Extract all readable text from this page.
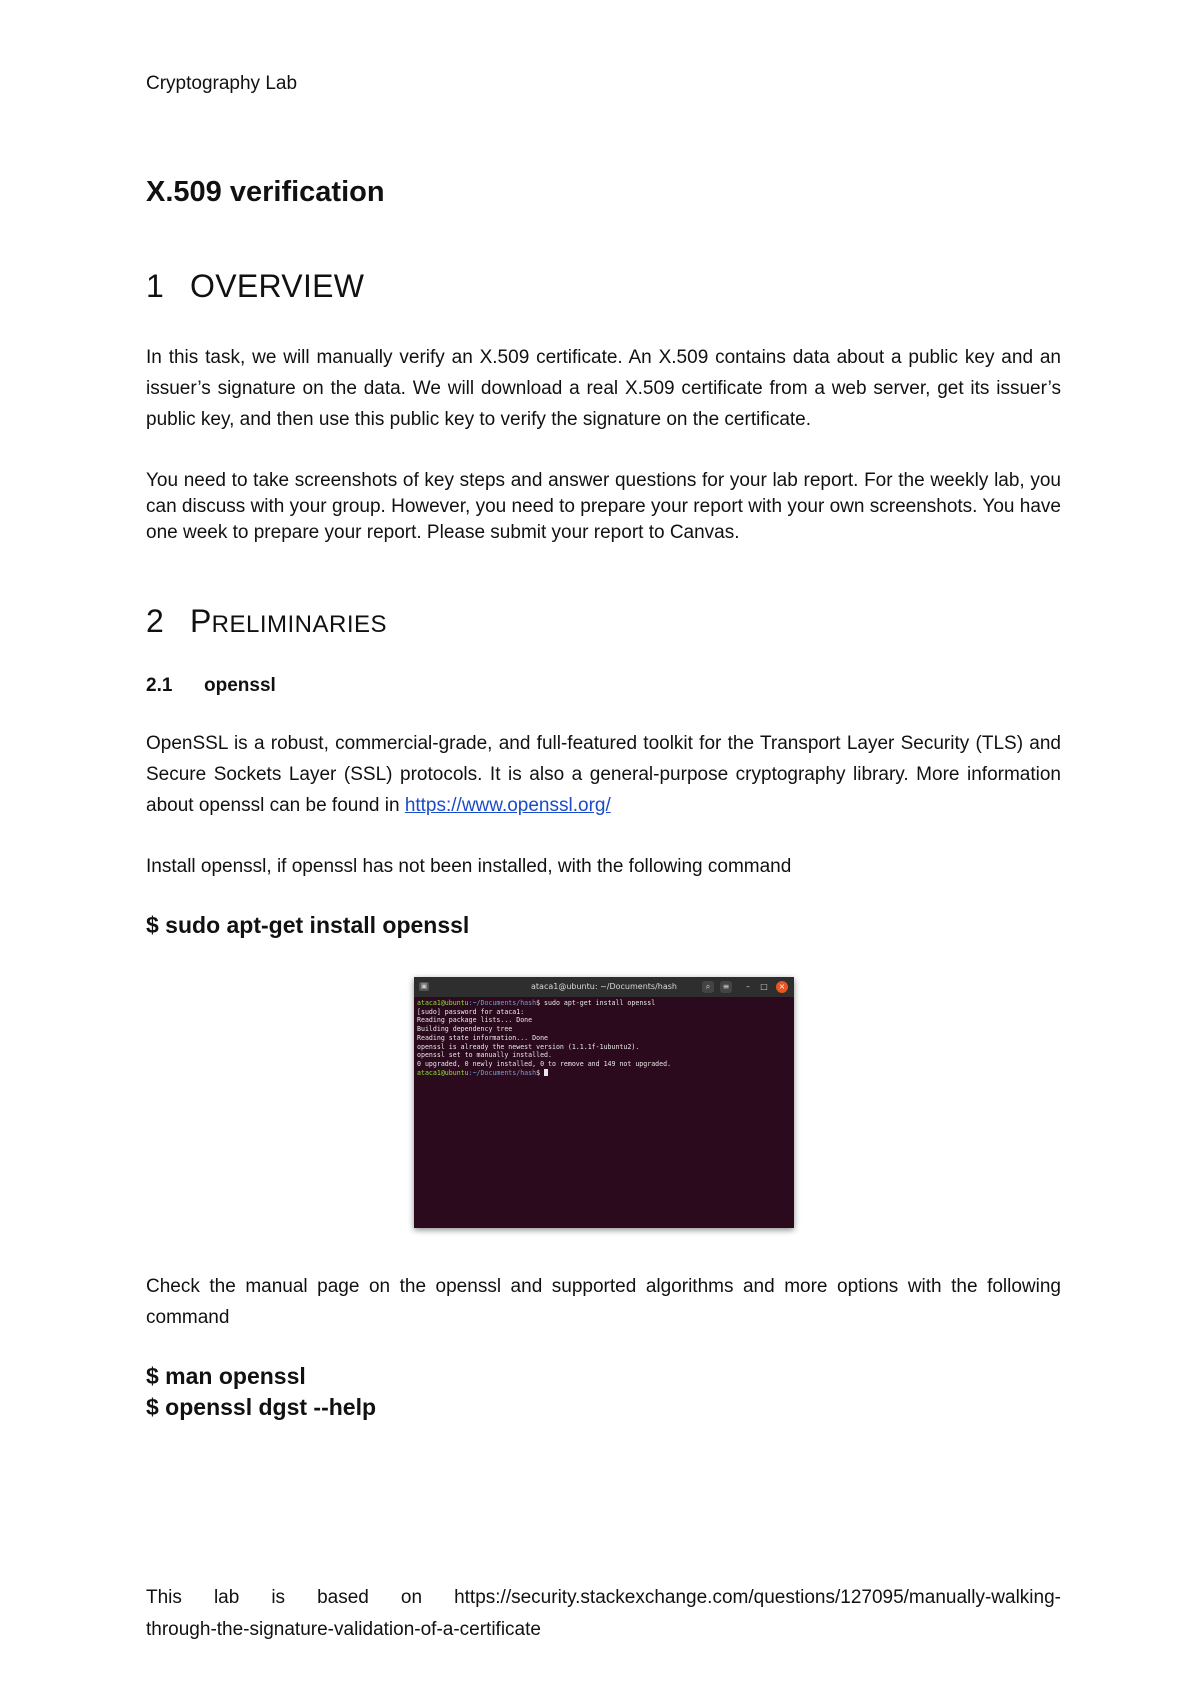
Cryptography Lab
X.509 verification
1 OVERVIEW

In this task, we will manually verify an X.509 certificate. An X.509 contains data about a public key and an issuer’s signature on the data. We will download a real X.509 certificate from a web server, get its issuer’s public key, and then use this public key to verify the signature on the certificate.

You need to take screenshots of key steps and answer questions for your lab report. For the weekly lab, you can discuss with your group. However, you need to prepare your report with your own screenshots. You have one week to prepare your report. Please submit your report to Canvas.

2 PRELIMINARIES
2.1 openssl

OpenSSL is a robust, commercial-grade, and full-featured toolkit for the Transport Layer Security (TLS) and Secure Sockets Layer (SSL) protocols. It is also a general-purpose cryptography library. More information about openssl can be found in https://www.openssl.org/

Install openssl, if openssl has not been installed, with the following command

$ sudo apt-get install openssl

▣	ataca1@ubuntu: ~/Documents/hash	⌕	≡	–	□	×
ataca1@ubuntu:~/Documents/hash$ sudo apt-get install openssl
[sudo] password for ataca1:
Reading package lists... Done
Building dependency tree
Reading state information... Done
openssl is already the newest version (1.1.1f-1ubuntu2).
openssl set to manually installed.
0 upgraded, 0 newly installed, 0 to remove and 149 not upgraded.
ataca1@ubuntu:~/Documents/hash$

Check the manual page on the openssl and supported algorithms and more options with the following command

$ man openssl

$ openssl dgst --help

This lab is based on https://security.stackexchange.com/questions/127095/manually-walking-
through-the-signature-validation-of-a-certificate
